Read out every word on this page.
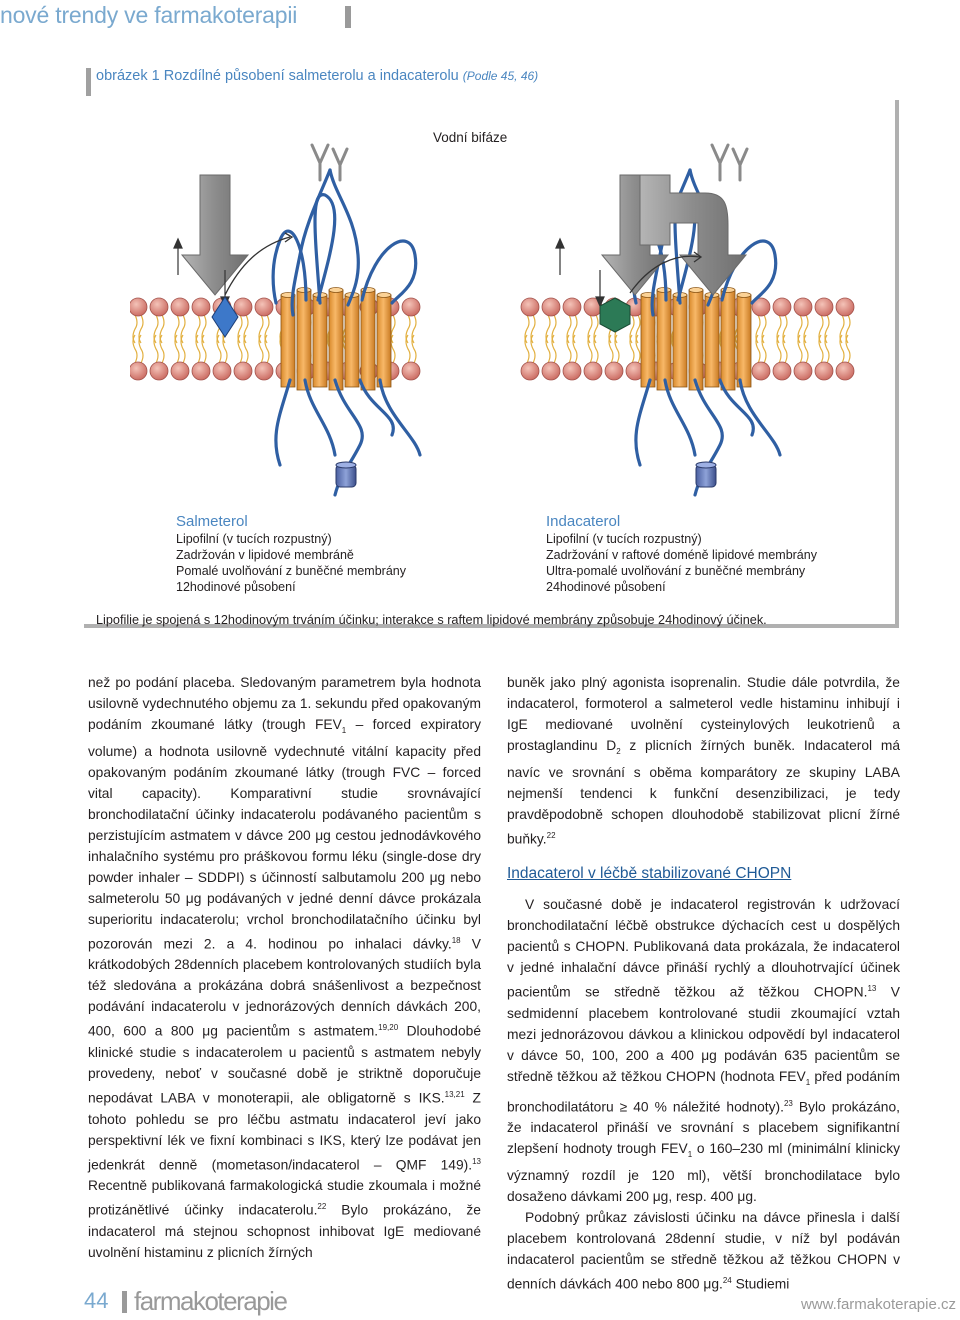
nové trendy ve farmakoterapii
obrázek 1 Rozdílné působení salmeterolu a indacaterolu (Podle 45, 46)
Vodní bifáze
Salmeterol
Lipofilní (v tucích rozpustný)
Zadržován v lipidové membráně
Pomalé uvolňování z buněčné membrány
12hodinové působení
Indacaterol
Lipofilní (v tucích rozpustný)
Zadržování v raftové doméně lipidové membrány
Ultra-pomalé uvolňování z buněčné membrány
24hodinové působení
Lipofilie je spojená s 12hodinovým trváním účinku; interakce s raftem lipidové membrány způsobuje 24hodinový účinek.

než po podání placeba. Sledovaným parametrem byla hodnota usilovně vydechnutého objemu za 1. sekundu před opakovaným podáním zkoumané látky (trough $FEV_1$ – forced expiratory volume) a hodnota usilovně vydechnuté vitální kapacity před opakovaným podáním zkoumané látky (trough FVC – forced vital capacity). Komparativní studie srovnávající bronchodilatační účinky indacaterolu podávaného pacientům s perzistujícím astmatem v dávce 200 μg cestou jednodávkového inhalačního systému pro práškovou formu léku (single-dose dry powder inhaler – SDDPI) s účinností salbutamolu 200 μg nebo salmeterolu 50 μg podávaných v jedné denní dávce prokázala superioritu indacaterolu; vrchol bronchodilatačního účinku byl pozorován mezi 2. a 4. hodinou po inhalaci dávky.$^{18}$ V krátkodobých 28denních placebem kontrolovaných studiích byla též sledována a prokázána dobrá snášenlivost a bezpečnost podávání indacaterolu v jednorázových denních dávkách 200, 400, 600 a 800 μg pacientům s astmatem.$^{19,20}$ Dlouhodobé klinické studie s indacaterolem u pacientů s astmatem nebyly provedeny, neboť v současné době je striktně doporučuje nepodávat LABA v monoterapii, ale obligatorně s IKS.$^{13,21}$ Z tohoto pohledu se pro léčbu astmatu indacaterol jeví jako perspektivní lék ve fixní kombinaci s IKS, který lze podávat jen jedenkrát denně (mometason/indacaterol – QMF 149).$^{13}$ Recentně publikovaná farmakologická studie zkoumala i možné protizánětlivé účinky indacaterolu.$^{22}$ Bylo prokázáno, že indacaterol má stejnou schopnost inhibovat IgE mediované uvolnění histaminu z plicních žírných

buněk jako plný agonista isoprenalin. Studie dále potvrdila, že indacaterol, formoterol a salmeterol vedle histaminu inhibují i IgE mediované uvolnění cysteinylových leukotrienů a prostaglandinu $D_2$ z plicních žírných buněk. Indacaterol má navíc ve srovnání s oběma komparátory ze skupiny LABA nejmenší tendenci k funkční desenzibilizaci, je tedy pravděpodobně schopen dlouhodobě stabilizovat plicní žírné buňky.$^{22}$

Indacaterol v léčbě stabilizované CHOPN

V současné době je indacaterol registrován k udržovací bronchodilatační léčbě obstrukce dýchacích cest u dospělých pacientů s CHOPN. Publikovaná data prokázala, že indacaterol v jedné inhalační dávce přináší rychlý a dlouhotrvající účinek pacientům se středně těžkou až těžkou CHOPN.$^{13}$ V sedmidenní placebem kontrolované studii zkoumající vztah mezi jednorázovou dávkou a klinickou odpovědí byl indacaterol v dávce 50, 100, 200 a 400 μg podáván 635 pacientům se středně těžkou až těžkou CHOPN (hodnota $FEV_1$ před podáním bronchodilatátoru ≥ 40 % náležité hodnoty).$^{23}$ Bylo prokázáno, že indacaterol přináší ve srovnání s placebem signifikantní zlepšení hodnoty trough $FEV_1$ o 160–230 ml (minimální klinicky významný rozdíl je 120 ml), větší bronchodilatace bylo dosaženo dávkami 200 μg, resp. 400 μg.

Podobný průkaz závislosti účinku na dávce přinesla i další placebem kontrolovaná 28denní studie, v níž byl podáván indacaterol pacientům se středně těžkou až těžkou CHOPN v denních dávkách 400 nebo 800 μg.$^{24}$ Studiemi

44 farmakoterapie	www.farmakoterapie.cz
